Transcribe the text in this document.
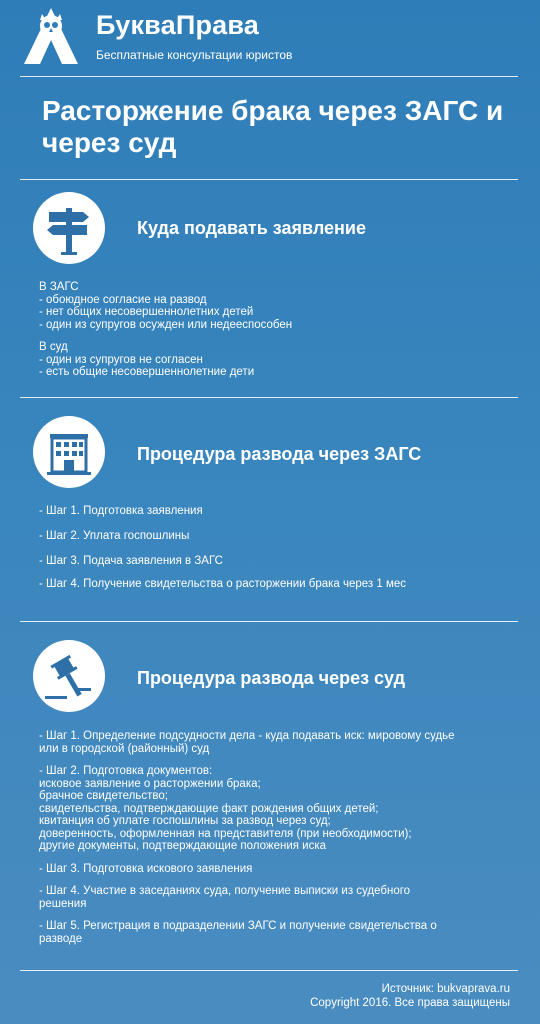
БукваПрава
Бесплатные консультации юристов
Расторжение брака через ЗАГС и через суд
Куда подавать заявление
В ЗАГС
- обоюдное согласие на развод
- нет общих несовершеннолетних детей
- один из супругов осужден или недееспособен
В суд
- один из супругов не согласен
- есть общие несовершеннолетние дети
Процедура развода через ЗАГС
- Шаг 1. Подготовка заявления
- Шаг 2. Уплата госпошлины
- Шаг 3. Подача заявления в ЗАГС
- Шаг 4. Получение свидетельства о расторжении брака через 1 мес
Процедура развода через суд
- Шаг 1. Определение подсудности дела - куда подавать иск: мировому судье
или в городской (районный) суд
- Шаг 2. Подготовка документов:
исковое заявление о расторжении брака;
брачное свидетельство;
свидетельства, подтверждающие факт рождения общих детей;
квитанция об уплате госпошлины за развод через суд;
доверенность, оформленная на представителя (при необходимости);
другие документы, подтверждающие положения иска
- Шаг 3. Подготовка искового заявления
- Шаг 4. Участие в заседаниях суда, получение выписки из судебного
решения
- Шаг 5. Регистрация в подразделении ЗАГС и получение свидетельства о
разводе
Источник: bukvaprava.ru
Copyright 2016. Все права защищены
